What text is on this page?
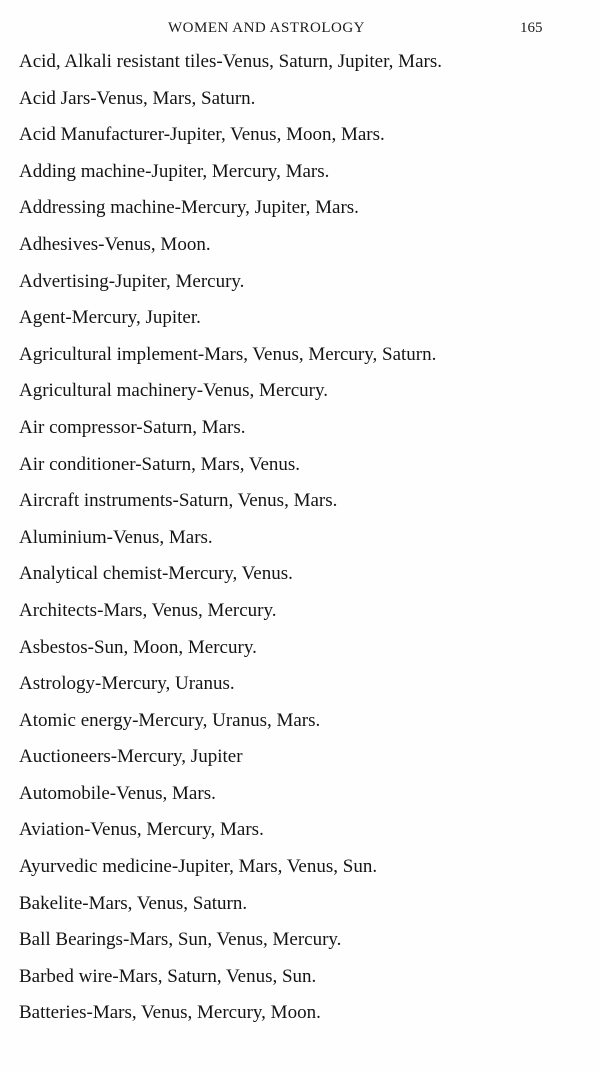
WOMEN AND ASTROLOGY	165
Acid, Alkali resistant tiles-Venus, Saturn, Jupiter, Mars.
Acid Jars-Venus, Mars, Saturn.
Acid Manufacturer-Jupiter, Venus, Moon, Mars.
Adding machine-Jupiter, Mercury, Mars.
Addressing machine-Mercury, Jupiter, Mars.
Adhesives-Venus, Moon.
Advertising-Jupiter, Mercury.
Agent-Mercury, Jupiter.
Agricultural implement-Mars, Venus, Mercury, Saturn.
Agricultural machinery-Venus, Mercury.
Air compressor-Saturn, Mars.
Air conditioner-Saturn, Mars, Venus.
Aircraft instruments-Saturn, Venus, Mars.
Aluminium-Venus, Mars.
Analytical chemist-Mercury, Venus.
Architects-Mars, Venus, Mercury.
Asbestos-Sun, Moon, Mercury.
Astrology-Mercury, Uranus.
Atomic energy-Mercury, Uranus, Mars.
Auctioneers-Mercury, Jupiter
Automobile-Venus, Mars.
Aviation-Venus, Mercury, Mars.
Ayurvedic medicine-Jupiter, Mars, Venus, Sun.
Bakelite-Mars, Venus, Saturn.
Ball Bearings-Mars, Sun, Venus, Mercury.
Barbed wire-Mars, Saturn, Venus, Sun.
Batteries-Mars, Venus, Mercury, Moon.
